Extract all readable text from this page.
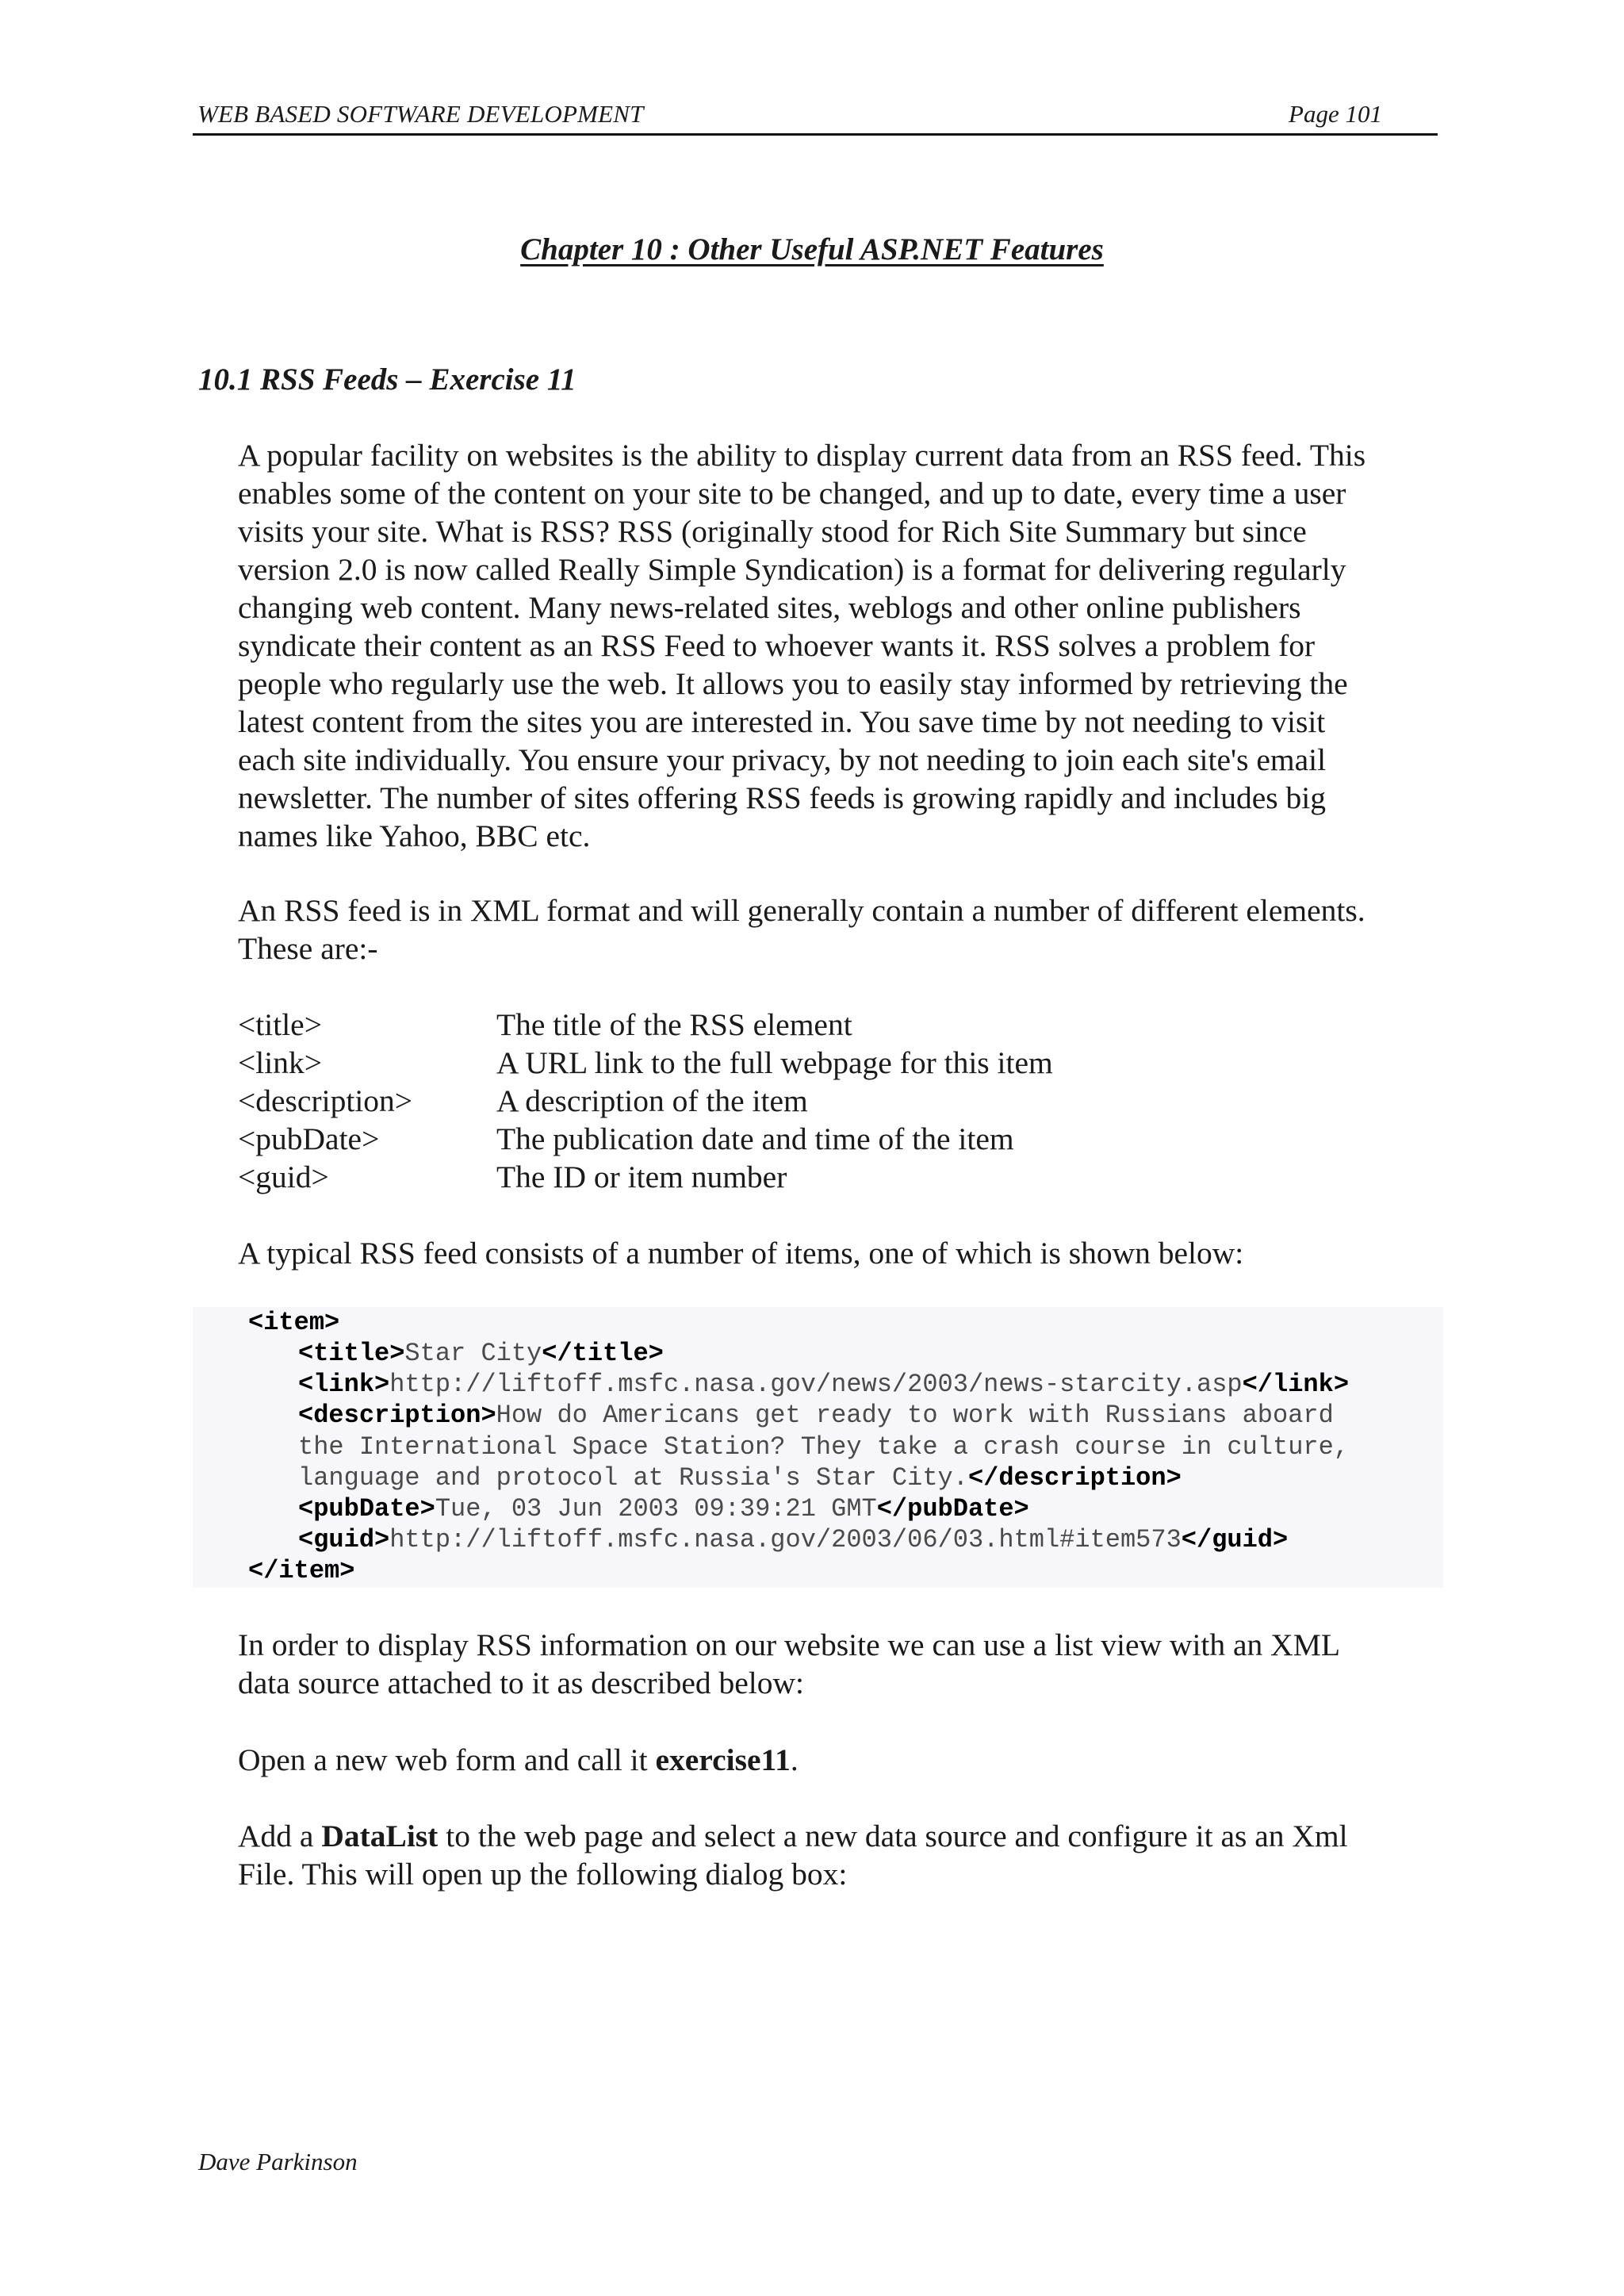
WEB BASED SOFTWARE DEVELOPMENT	Page 101
Chapter 10 : Other Useful ASP.NET Features
10.1 RSS Feeds – Exercise 11
A popular facility on websites is the ability to display current data from an RSS feed. This
enables some of the content on your site to be changed, and up to date, every time a user
visits your site. What is RSS? RSS (originally stood for Rich Site Summary but since
version 2.0 is now called Really Simple Syndication) is a format for delivering regularly
changing web content. Many news-related sites, weblogs and other online publishers
syndicate their content as an RSS Feed to whoever wants it. RSS solves a problem for
people who regularly use the web. It allows you to easily stay informed by retrieving the
latest content from the sites you are interested in. You save time by not needing to visit
each site individually. You ensure your privacy, by not needing to join each site's email
newsletter. The number of sites offering RSS feeds is growing rapidly and includes big
names like Yahoo, BBC etc.
An RSS feed is in XML format and will generally contain a number of different elements.
These are:-
<title>	The title of the RSS element
<link>	A URL link to the full webpage for this item
<description>	A description of the item
<pubDate>	The publication date and time of the item
<guid>	The ID or item number
A typical RSS feed consists of a number of items, one of which is shown below:
<item>
<title>Star City</title>
<link>http://liftoff.msfc.nasa.gov/news/2003/news-starcity.asp</link>
<description>How do Americans get ready to work with Russians aboard
the International Space Station? They take a crash course in culture,
language and protocol at Russia's Star City.</description>
<pubDate>Tue, 03 Jun 2003 09:39:21 GMT</pubDate>
<guid>http://liftoff.msfc.nasa.gov/2003/06/03.html#item573</guid>
</item>
In order to display RSS information on our website we can use a list view with an XML
data source attached to it as described below:
Open a new web form and call it exercise11.
Add a DataList to the web page and select a new data source and configure it as an Xml
File. This will open up the following dialog box:
Dave Parkinson
